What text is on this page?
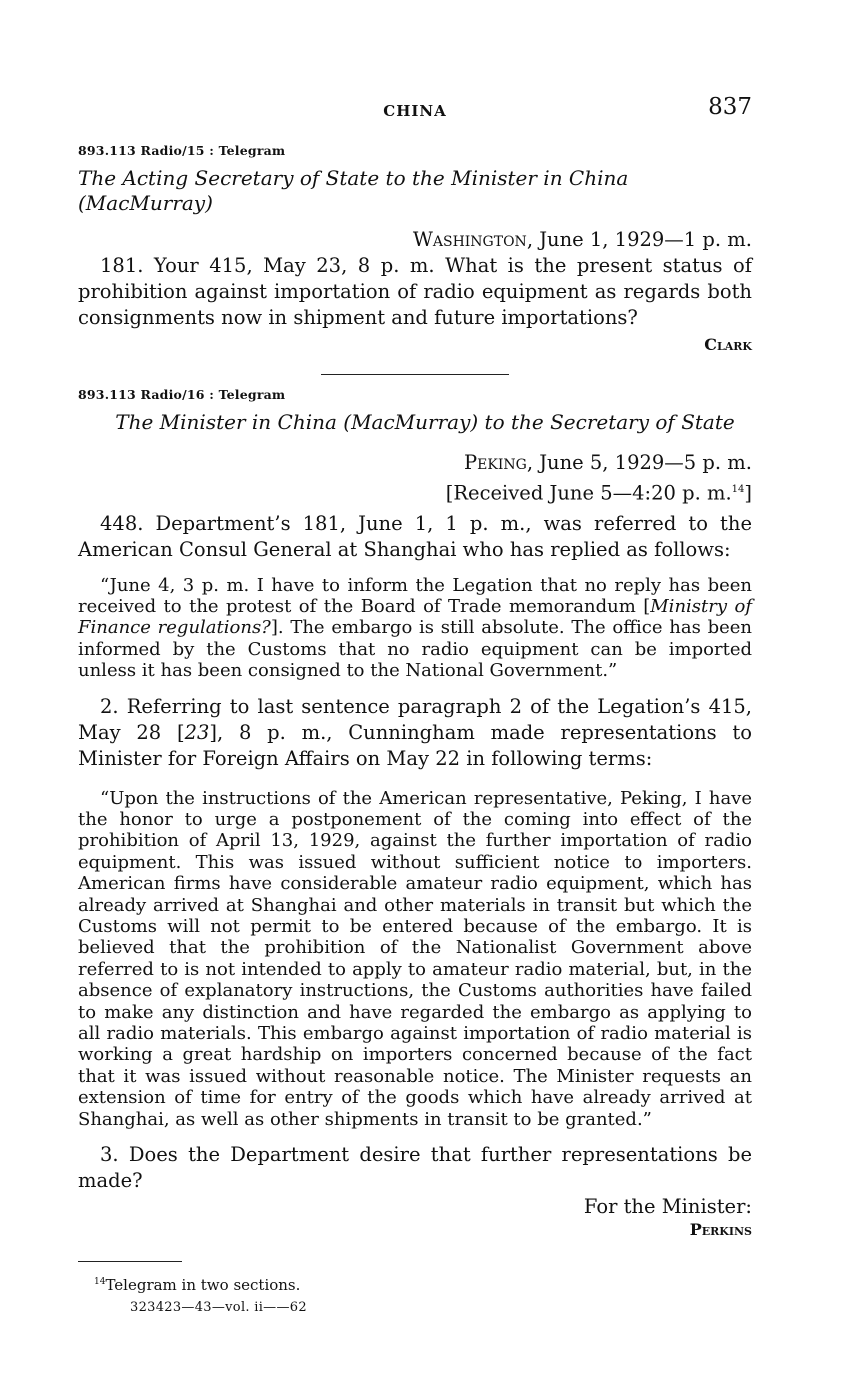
CHINA	837
893.113 Radio/15 : Telegram
The Acting Secretary of State to the Minister in China (MacMurray)
Washington, June 1, 1929—1 p. m.

181. Your 415, May 23, 8 p. m. What is the present status of prohibition against importation of radio equipment as regards both consignments now in shipment and future importations?

Clark
893.113 Radio/16 : Telegram
The Minister in China (MacMurray) to the Secretary of State
Peking, June 5, 1929—5 p. m.
[Received June 5—4:20 p. m.$^{14}$]

448. Department’s 181, June 1, 1 p. m., was referred to the American Consul General at Shanghai who has replied as follows:

“June 4, 3 p. m. I have to inform the Legation that no reply has been received to the protest of the Board of Trade memorandum [Ministry of Finance regulations?]. The embargo is still absolute. The office has been informed by the Customs that no radio equipment can be imported unless it has been consigned to the National Government.”

2. Referring to last sentence paragraph 2 of the Legation’s 415, May 28 [23], 8 p. m., Cunningham made representations to Minister for Foreign Affairs on May 22 in following terms:

“Upon the instructions of the American representative, Peking, I have the honor to urge a postponement of the coming into effect of the prohibition of April 13, 1929, against the further importation of radio equipment. This was issued without sufficient notice to importers. American firms have considerable amateur radio equipment, which has already arrived at Shanghai and other materials in transit but which the Customs will not permit to be entered because of the embargo. It is believed that the prohibition of the Nationalist Government above referred to is not intended to apply to amateur radio material, but, in the absence of explanatory instructions, the Customs authorities have failed to make any distinction and have regarded the embargo as applying to all radio materials. This embargo against importation of radio material is working a great hardship on importers concerned because of the fact that it was issued without reasonable notice. The Minister requests an extension of time for entry of the goods which have already arrived at Shanghai, as well as other shipments in transit to be granted.”

3. Does the Department desire that further representations be made?

For the Minister:
Perkins
$^{14}$Telegram in two sections.
323423—43—vol. ii——62
